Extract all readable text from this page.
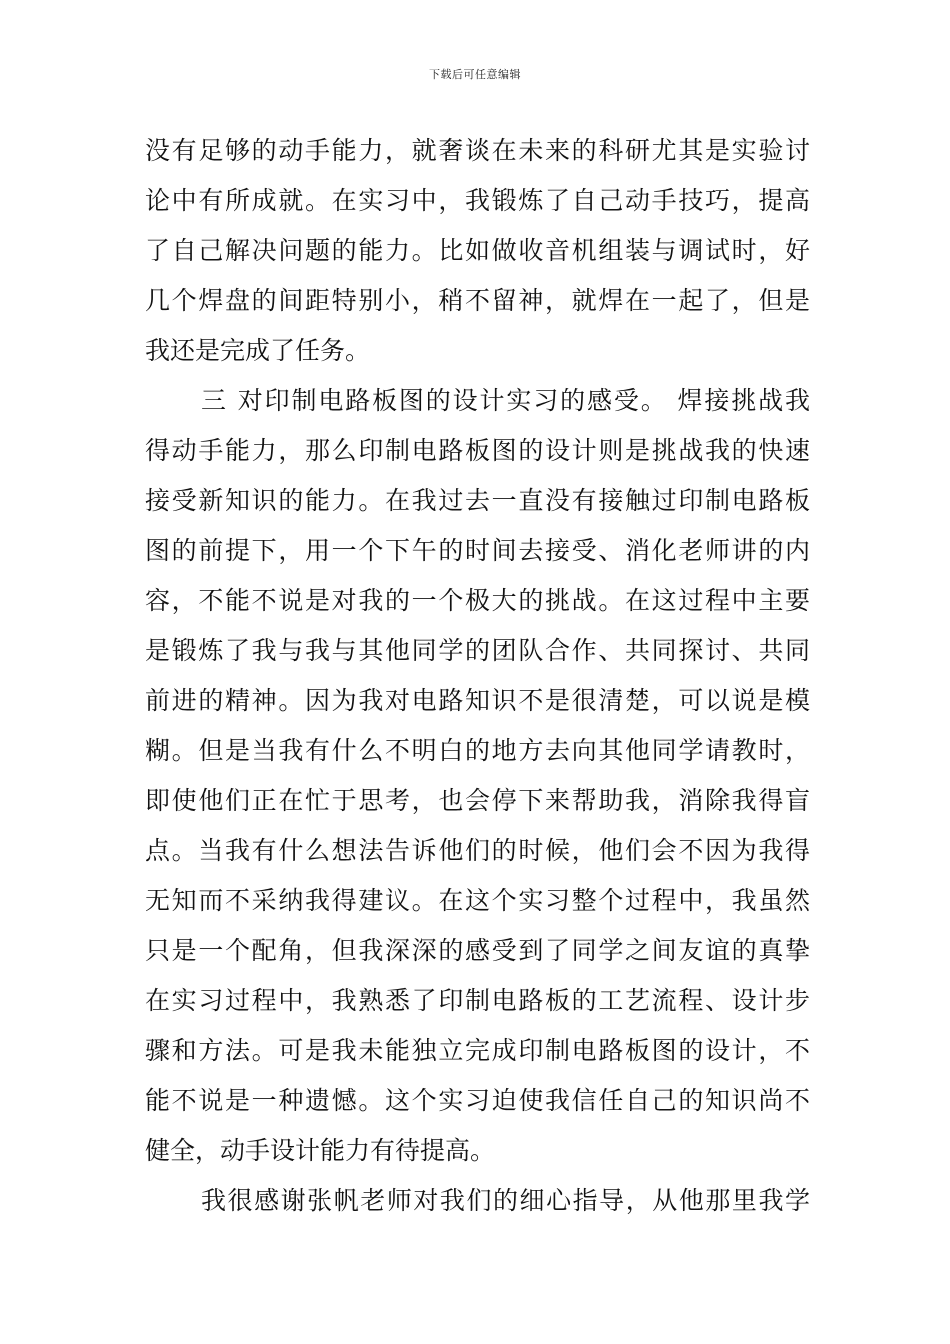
下载后可任意编辑
没有足够的动手能力，就奢谈在未来的科研尤其是实验讨
论中有所成就。在实习中，我锻炼了自己动手技巧，提高
了自己解决问题的能力。比如做收音机组装与调试时，好
几个焊盘的间距特别小，稍不留神，就焊在一起了，但是
我还是完成了任务。
三 对印制电路板图的设计实习的感受。 焊接挑战我
得动手能力，那么印制电路板图的设计则是挑战我的快速
接受新知识的能力。在我过去一直没有接触过印制电路板
图的前提下，用一个下午的时间去接受、消化老师讲的内
容，不能不说是对我的一个极大的挑战。在这过程中主要
是锻炼了我与我与其他同学的团队合作、共同探讨、共同
前进的精神。因为我对电路知识不是很清楚，可以说是模
糊。但是当我有什么不明白的地方去向其他同学请教时，
即使他们正在忙于思考，也会停下来帮助我，消除我得盲
点。当我有什么想法告诉他们的时候，他们会不因为我得
无知而不采纳我得建议。在这个实习整个过程中，我虽然
只是一个配角，但我深深的感受到了同学之间友谊的真挚
在实习过程中，我熟悉了印制电路板的工艺流程、设计步
骤和方法。可是我未能独立完成印制电路板图的设计，不
能不说是一种遗憾。这个实习迫使我信任自己的知识尚不
健全，动手设计能力有待提高。
我很感谢张帆老师对我们的细心指导，从他那里我学
